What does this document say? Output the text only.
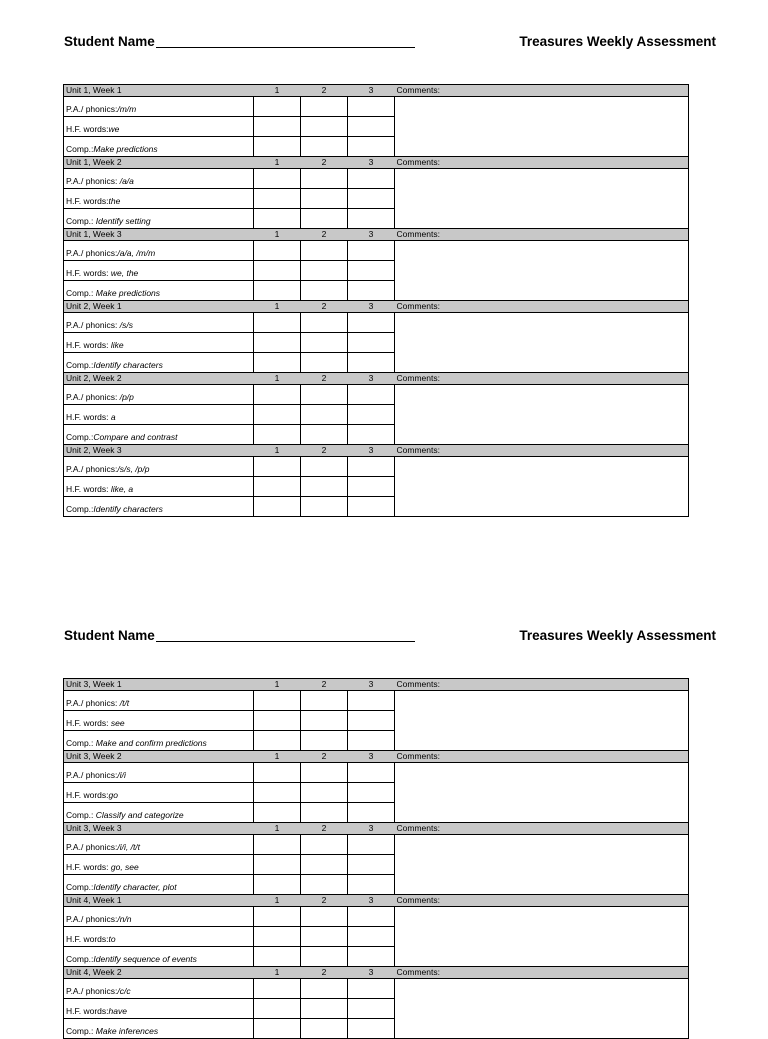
Student Name	Treasures Weekly Assessment
Unit 1, Week 1	1	2	3	Comments:
P.A./ phonics:/m/m				
H.F. words:we				
Comp.:Make predictions				
Unit 1, Week 2	1	2	3	Comments:
P.A./ phonics: /a/a				
H.F. words:the				
Comp.: Identify setting				
Unit 1, Week 3	1	2	3	Comments:
P.A./ phonics:/a/a, /m/m				
H.F. words: we, the				
Comp.: Make predictions				
Unit 2, Week 1	1	2	3	Comments:
P.A./ phonics: /s/s				
H.F. words: like				
Comp.:Identify characters				
Unit 2, Week 2	1	2	3	Comments:
P.A./ phonics: /p/p				
H.F. words: a				
Comp.:Compare and contrast				
Unit 2, Week 3	1	2	3	Comments:
P.A./ phonics:/s/s, /p/p				
H.F. words: like, a				
Comp.:Identify characters				
Student Name	Treasures Weekly Assessment
Unit 3, Week 1	1	2	3	Comments:
P.A./ phonics: /t/t				
H.F. words: see				
Comp.: Make and confirm predictions				
Unit 3, Week 2	1	2	3	Comments:
P.A./ phonics:/i/i				
H.F. words:go				
Comp.: Classify and categorize				
Unit 3, Week 3	1	2	3	Comments:
P.A./ phonics:/i/i, /t/t				
H.F. words: go, see				
Comp.:Identify character, plot				
Unit 4, Week 1	1	2	3	Comments:
P.A./ phonics:/n/n				
H.F. words:to				
Comp.:Identify sequence of events				
Unit 4, Week 2	1	2	3	Comments:
P.A./ phonics:/c/c				
H.F. words:have				
Comp.: Make inferences				
